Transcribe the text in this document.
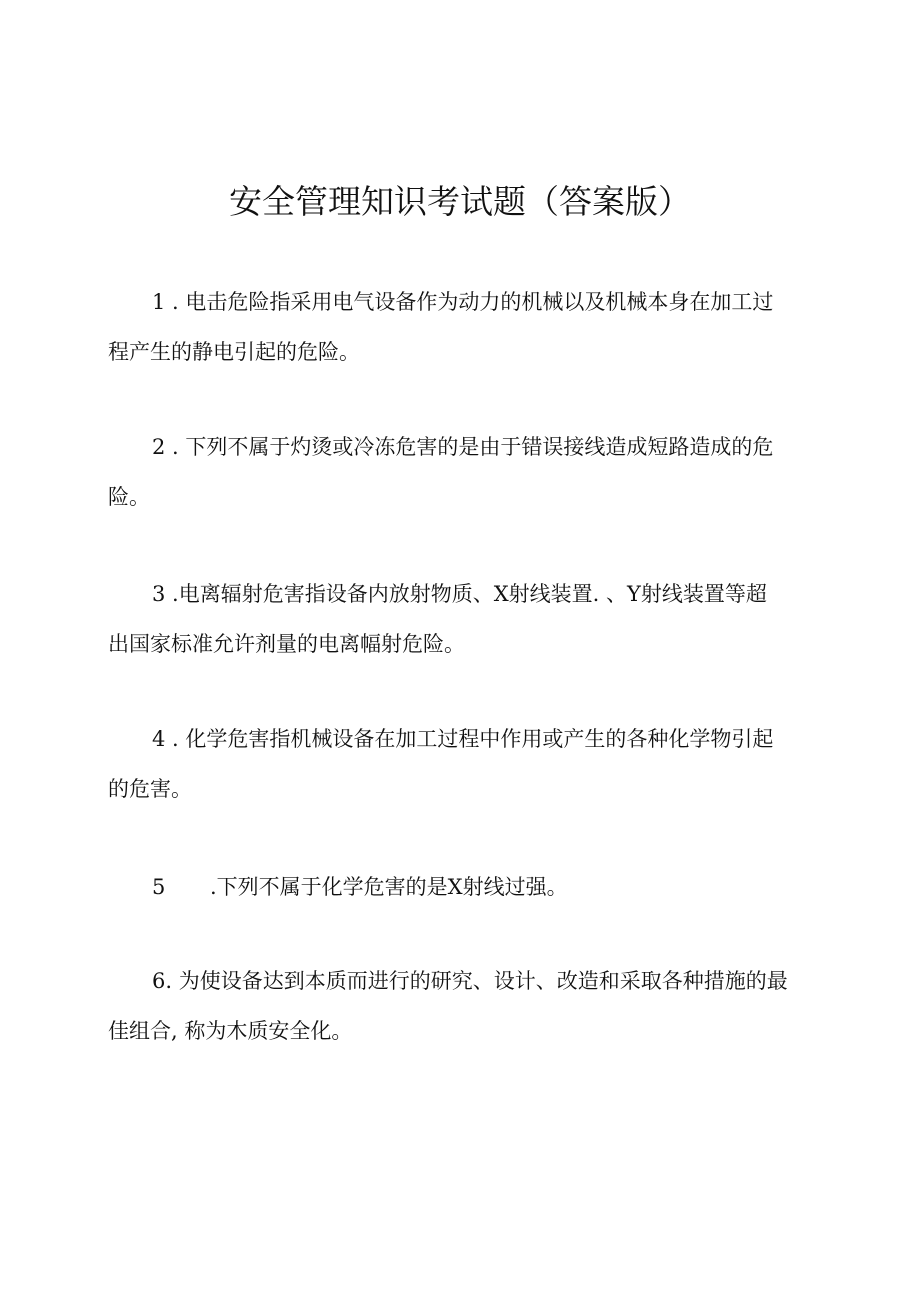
安全管理知识考试题（答案版）
1 . 电击危险指采用电气设备作为动力的机械以及机械本身在加工过
程产生的静电引起的危险。
2 . 下列不属于灼烫或冷冻危害的是由于错误接线造成短路造成的危
险。
3 .电离辐射危害指设备内放射物质、X射线装置. 、Y射线装置等超
出国家标准允许剂量的电离幅射危险。
4 . 化学危害指机械设备在加工过程中作用或产生的各种化学物引起
的危害。
5 .下列不属于化学危害的是X射线过强。
6. 为使设备达到本质而进行的研究、设计、改造和采取各种措施的最
佳组合, 称为木质安全化。
